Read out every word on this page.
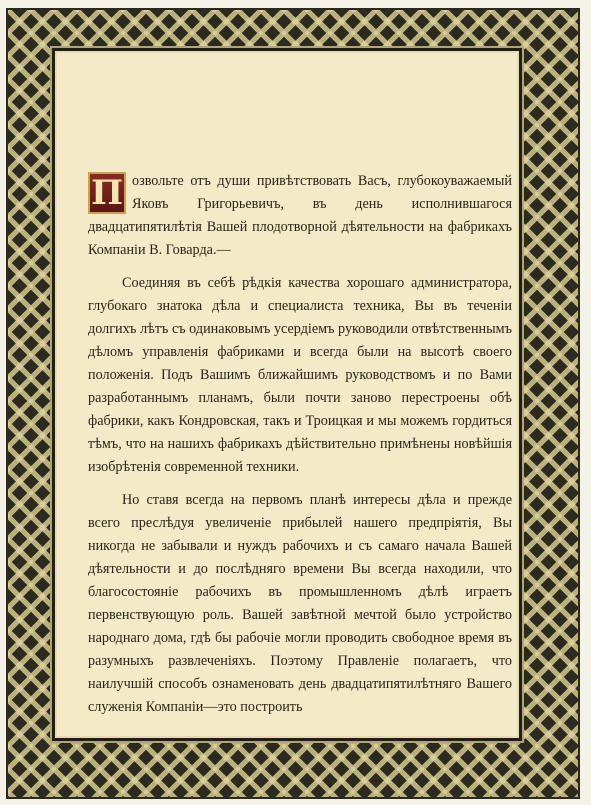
П озвольте отъ души привѣтствовать Васъ, глубокоуважаемый Яковъ Григорьевичъ, въ день исполнившагося двадцатипятилѣтія Вашей плодотворной дѣятельности на фабрикахъ Компаніи В. Говарда.—

Соединяя въ себѣ рѣдкія качества хорошаго администратора, глубокаго знатока дѣла и специалиста техника, Вы въ теченіи долгихъ лѣтъ съ одинаковымъ усердіемъ руководили отвѣтственнымъ дѣломъ управленія фабриками и всегда были на высотѣ своего положенія. Подъ Вашимъ ближайшимъ руководствомъ и по Вами разработаннымъ планамъ, были почти заново перестроены обѣ фабрики, какъ Кондровская, такъ и Троицкая и мы можемъ гордиться тѣмъ, что на нашихъ фабрикахъ дѣйствительно примѣнены новѣйшія изобрѣтенія современной техники.

Но ставя всегда на первомъ планѣ интересы дѣла и прежде всего преслѣдуя увеличеніе прибылей нашего предпріятія, Вы никогда не забывали и нуждъ рабочихъ и съ самаго начала Вашей дѣятельности и до послѣдняго времени Вы всегда находили, что благосостояніе рабочихъ въ промышленномъ дѣлѣ играетъ первенствующую роль. Вашей завѣтной мечтой было устройство народнаго дома, гдѣ бы рабочіе могли проводить свободное время въ разумныхъ развлеченіяхъ. Поэтому Правленіе полагаетъ, что наилучшій способъ ознаменовать день двадцатипятилѣтняго Вашего служенія Компаніи—это построить
